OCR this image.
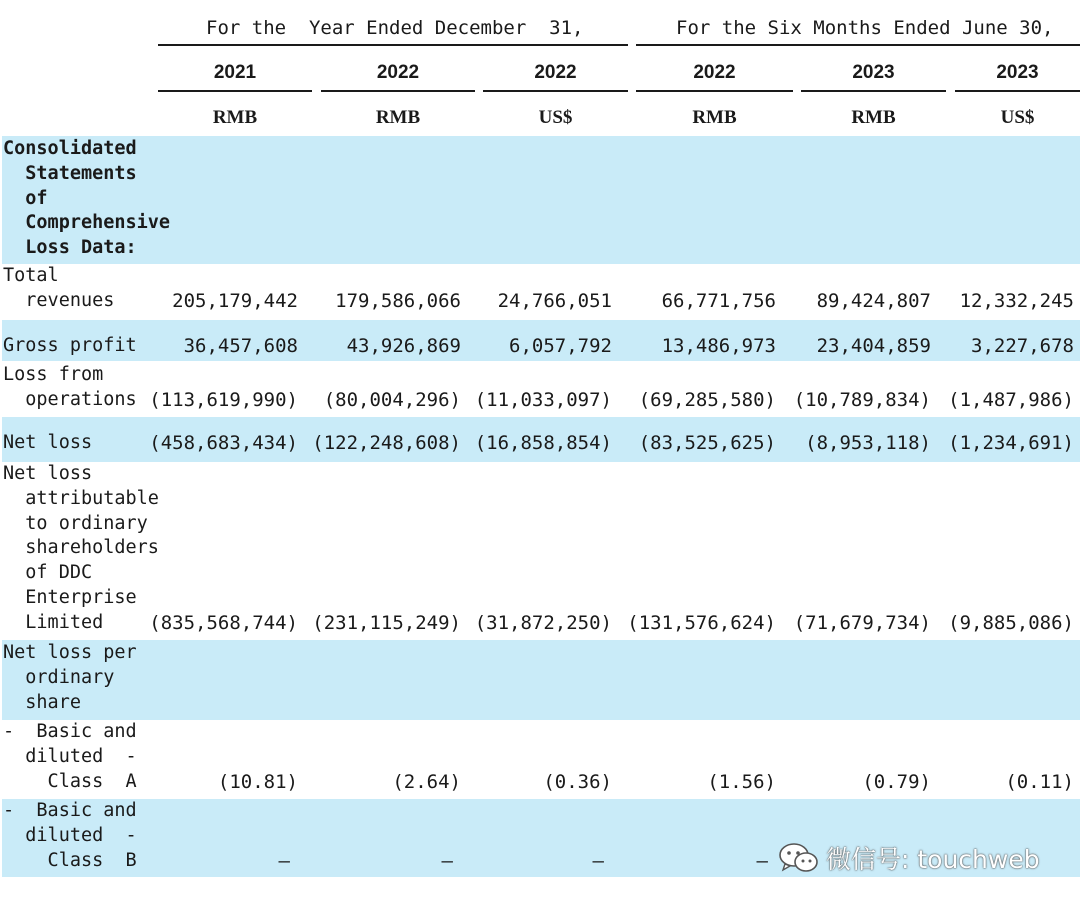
For the  Year Ended December  31,	For the Six Months Ended June 30,
2021	2022	2022	2022	2023	2023
RMB	RMB	US$	RMB	RMB	US$
Consolidated
Statements
of
Comprehensive
Loss Data:
Total
revenues	205,179,442 179,586,066 24,766,051	66,771,756 89,424,807 12,332,245
Gross profit 36,457,608	43,926,869	6,057,792	13,486,973 23,404,859 3,227,678
Loss from
operations (113,619,990) (80,004,296) (11,033,097) (69,285,580) (10,789,834) (1,487,986)
Net loss	(458,683,434) (122,248,608) (16,858,854) (83,525,625) (8,953,118) (1,234,691)
Net loss
attributable
to ordinary
shareholders
of DDC
Enterprise
Limited	(835,568,744) (231,115,249) (31,872,250) (131,576,624) (71,679,734) (9,885,086)
Net loss per
ordinary
share
-  Basic and
diluted  -
Class  A	(10.81)	(2.64)	(0.36)	(1.56)	(0.79)	(0.11)
-  Basic and
diluted  -
Class  B	—	—	—	— 微信号: touchweb
